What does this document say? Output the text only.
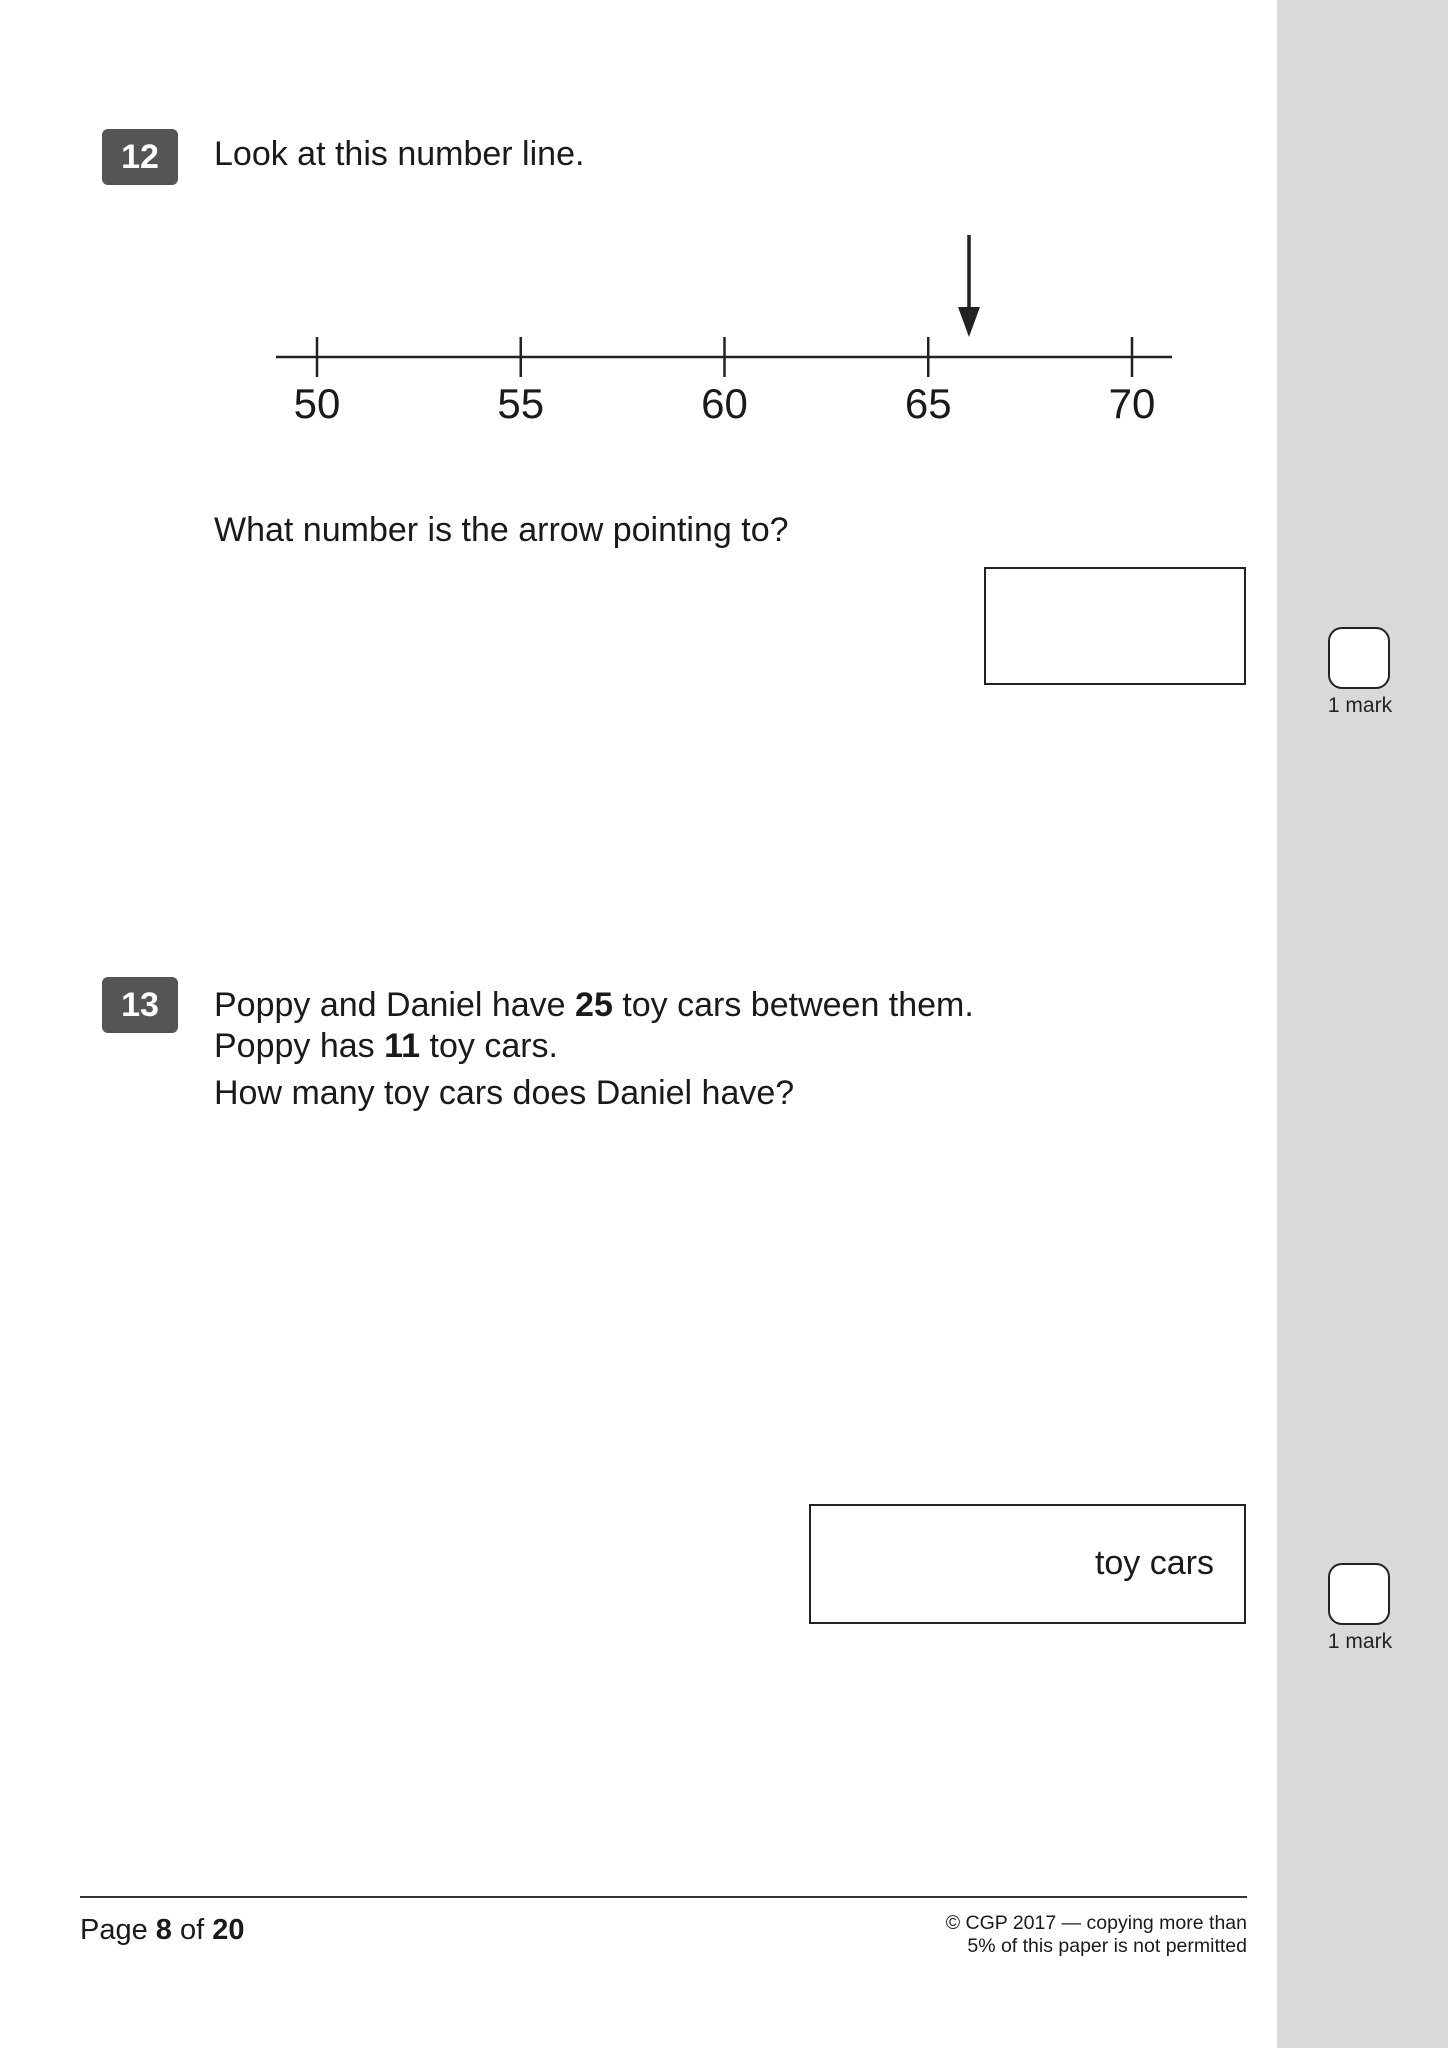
12	Look at this number line.
50	55	60	65	70
What number is the arrow pointing to?
1 mark
13	Poppy and Daniel have 25 toy cars between them.
Poppy has 11 toy cars.
How many toy cars does Daniel have?
toy cars
1 mark
Page 8 of 20	© CGP 2017 — copying more than
5% of this paper is not permitted
